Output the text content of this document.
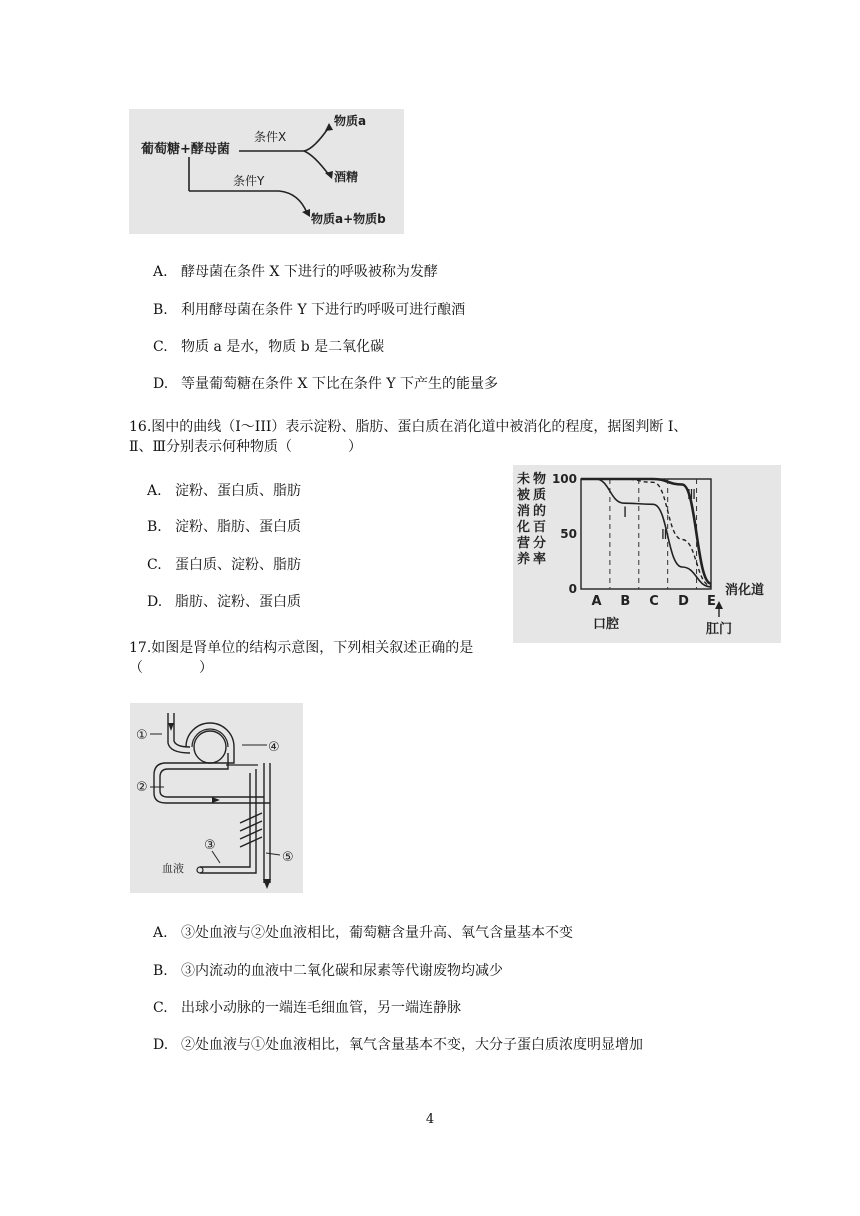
葡萄糖+酵母菌
条件X
物质a
酒精
条件Y
物质a+物质b
A. 酵母菌在条件 X 下进行的呼吸被称为发酵
B. 利用酵母菌在条件 Y 下进行旳呼吸可进行酿酒
C. 物质 a 是水，物质 b 是二氧化碳
D. 等量葡萄糖在条件 X 下比在条件 Y 下产生的能量多
16.图中的曲线（I～III）表示淀粉、脂肪、蛋白质在消化道中被消化的程度，据图判断 I、
Ⅱ、Ⅲ分别表示何种物质（　　　　）
A. 淀粉、蛋白质、脂肪
B. 淀粉、脂肪、蛋白质
C. 蛋白质、淀粉、脂肪
D. 脂肪、淀粉、蛋白质
未被消化营养物质的百分率
0
50
100
A B C D E
I
Ⅱ
Ⅲ
消化道
口腔	肛门
17.如图是肾单位的结构示意图，下列相关叙述正确的是
（　　　　）
①
②
③
④
⑤
血液
A. ③处血液与②处血液相比，葡萄糖含量升高、氧气含量基本不变
B. ③内流动的血液中二氧化碳和尿素等代谢废物均减少
C. 出球小动脉的一端连毛细血管，另一端连静脉
D. ②处血液与①处血液相比，氧气含量基本不变，大分子蛋白质浓度明显增加
4
